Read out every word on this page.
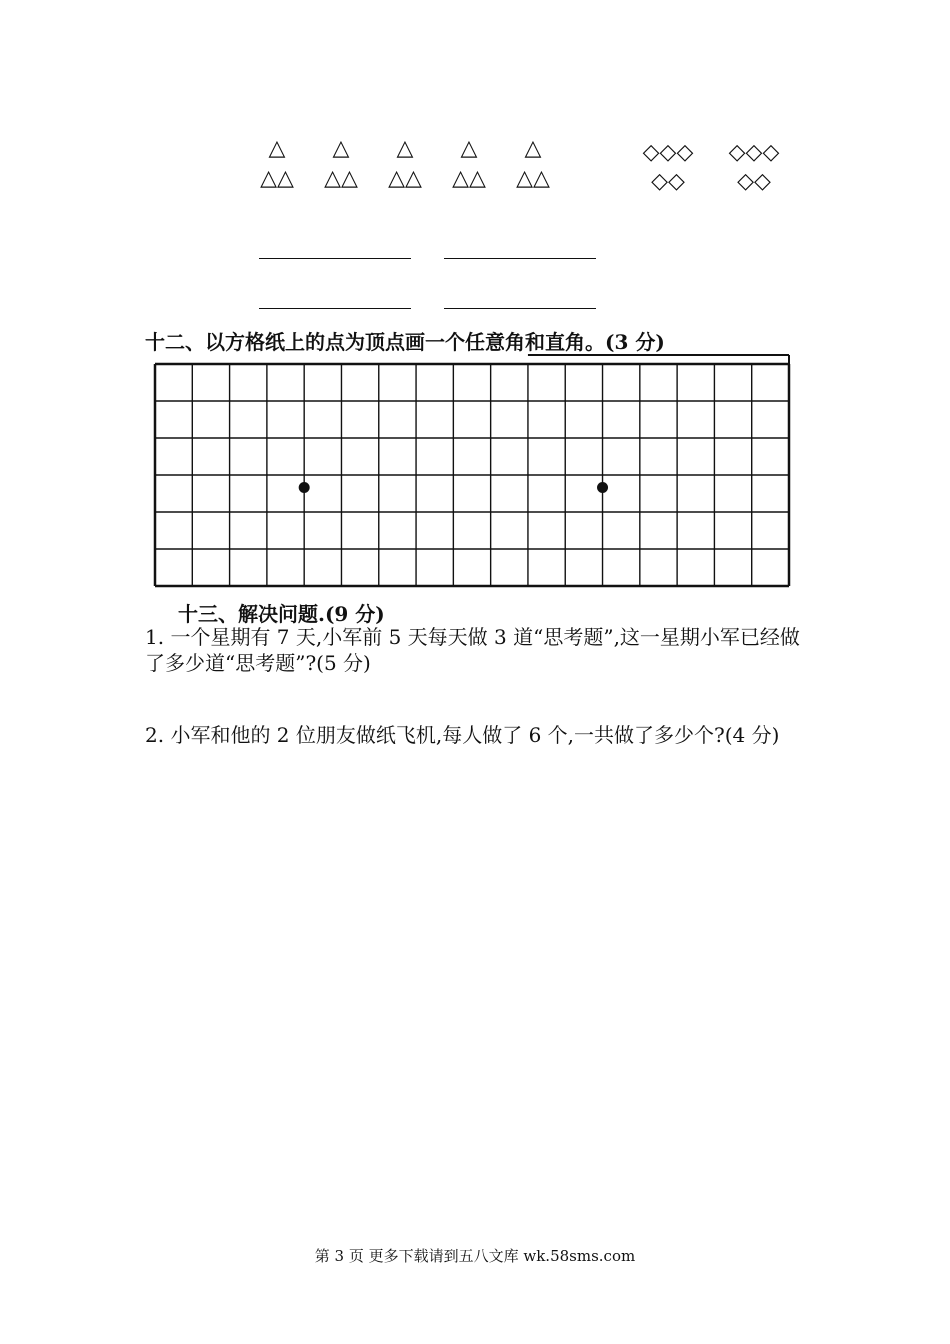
△
△△
△
△△
△
△△
△
△△
△
△△
◇◇◇
◇◇
◇◇◇
◇◇
十二、以方格纸上的点为顶点画一个任意角和直角。(3 分)
十三、解决问题.(9 分)
1. 一个星期有 7 天,小军前 5 天每天做 3 道“思考题”,这一星期小军已经做了多少道“思考题”?(5 分)
2. 小军和他的 2 位朋友做纸飞机,每人做了 6 个,一共做了多少个?(4 分)
第 3 页 更多下载请到五八文库 wk.58sms.com
